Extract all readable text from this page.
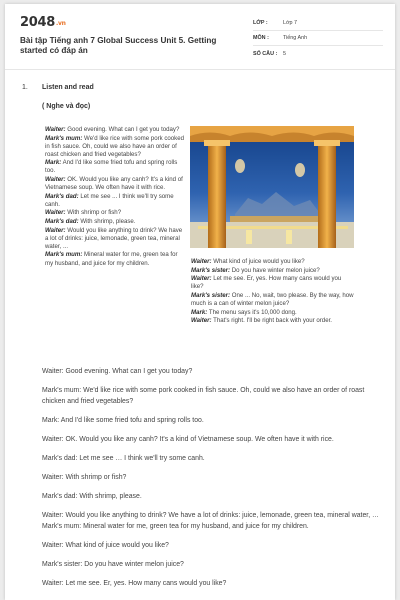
2048.vn
Bài tập Tiếng anh 7 Global Success Unit 5. Getting started có đáp án
LỚP :	Lớp 7
MÔN :	Tiếng Anh
SỐ CÂU :	5
1. Listen and read
( Nghe và đọc)

Waiter: Good evening. What can I get you today?

Mark's mum: We'd like rice with some pork cooked in fish sauce. Oh, could we also have an order of roast chicken and fried vegetables?

Mark: And I'd like some fried tofu and spring rolls too.

Waiter: OK. Would you like any canh? It's a kind of Vietnamese soup. We often have it with rice.

Mark's dad: Let me see ... I think we'll try some canh.

Waiter: With shrimp or fish?

Mark's dad: With shrimp, please.

Waiter: Would you like anything to drink? We have a lot of drinks: juice, lemonade, green tea, mineral water, ...

Mark's mum: Mineral water for me, green tea for my husband, and juice for my children.	Waiter: What kind of juice would you like?

Mark's sister: Do you have winter melon juice?

Waiter: Let me see. Er, yes. How many cans would you like?

Mark's sister: One ... No, wait, two please. By the way, how much is a can of winter melon juice?

Mark: The menu says it's 10,000 dong.

Waiter: That's right. I'll be right back with your order.

Waiter: Good evening. What can I get you today?

Mark's mum: We'd like rice with some pork cooked in fish sauce. Oh, could we also have an order of roast chicken and fried vegetables?

Mark: And I'd like some fried tofu and spring rolls too.

Waiter: OK. Would you like any canh? It's a kind of Vietnamese soup. We often have it with rice.

Mark's dad: Let me see … I think we'll try some canh.

Waiter: With shrimp or fish?

Mark's dad: With shrimp, please.

Waiter: Would you like anything to drink? We have a lot of drinks: juice, lemonade, green tea, mineral water, … Mark's mum: Mineral water for me, green tea for my husband, and juice for my children.

Waiter: What kind of juice would you like?

Mark's sister: Do you have winter melon juice?

Waiter: Let me see. Er, yes. How many cans would you like?
